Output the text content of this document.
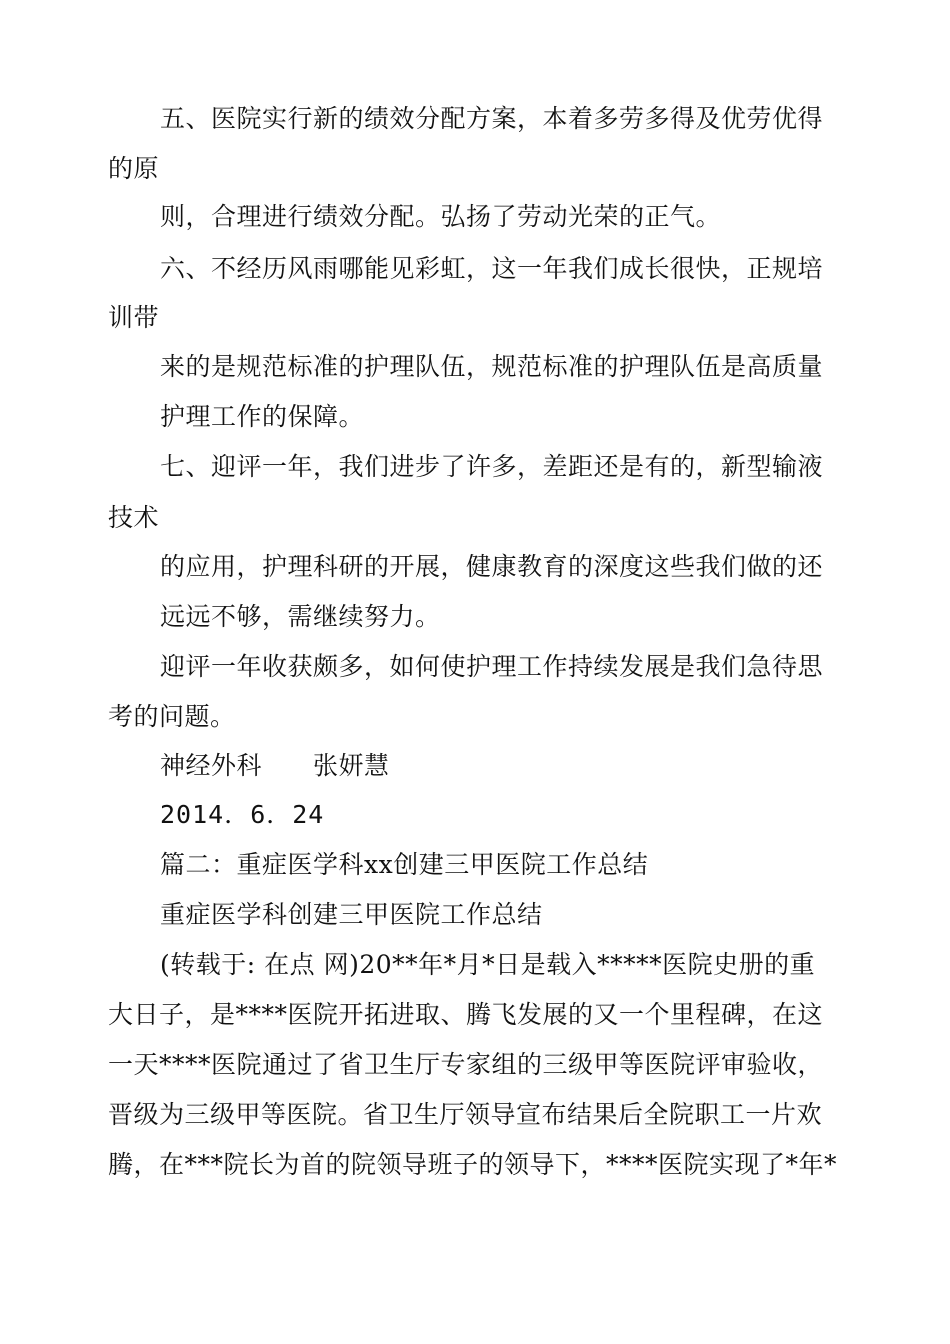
五、医院实行新的绩效分配方案，本着多劳多得及优劳优得
的原
则，合理进行绩效分配。弘扬了劳动光荣的正气。
六、不经历风雨哪能见彩虹，这一年我们成长很快，正规培
训带
来的是规范标准的护理队伍，规范标准的护理队伍是高质量
护理工作的保障。
七、迎评一年，我们进步了许多，差距还是有的，新型输液
技术
的应用，护理科研的开展，健康教育的深度这些我们做的还
远远不够，需继续努力。
迎评一年收获颇多，如何使护理工作持续发展是我们急待思
考的问题。
神经外科　　张妍慧
2014．6．24
篇二：重症医学科xx创建三甲医院工作总结
重症医学科创建三甲医院工作总结
(转载于: 在点 网)20**年*月*日是载入*****医院史册的重
大日子，是****医院开拓进取、腾飞发展的又一个里程碑，在这
一天****医院通过了省卫生厅专家组的三级甲等医院评审验收，
晋级为三级甲等医院。省卫生厅领导宣布结果后全院职工一片欢
腾，在***院长为首的院领导班子的领导下，****医院实现了*年*
